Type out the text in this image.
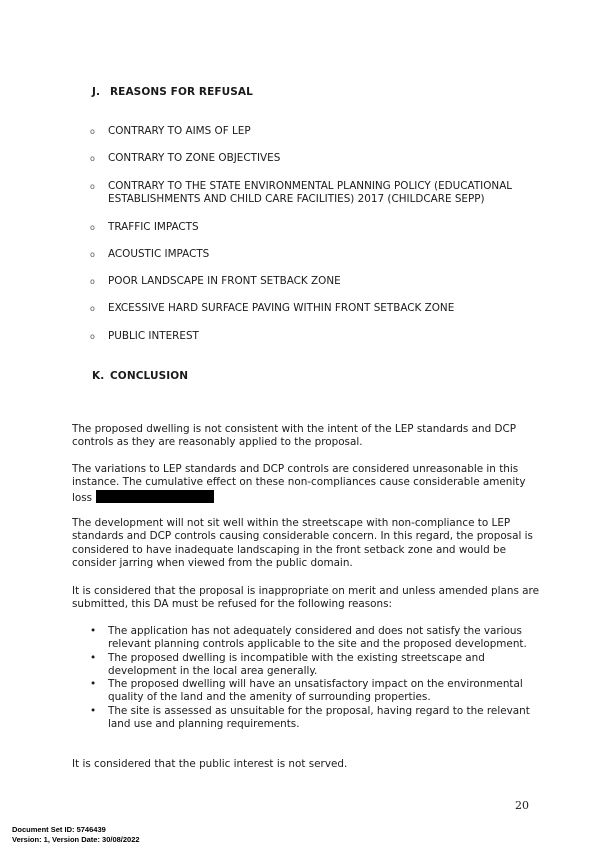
J. REASONS FOR REFUSAL
o CONTRARY TO AIMS OF LEP
o CONTRARY TO ZONE OBJECTIVES
o CONTRARY TO THE STATE ENVIRONMENTAL PLANNING POLICY (EDUCATIONAL ESTABLISHMENTS AND CHILD CARE FACILITIES) 2017 (CHILDCARE SEPP)
o TRAFFIC IMPACTS
o ACOUSTIC IMPACTS
o POOR LANDSCAPE IN FRONT SETBACK ZONE
o EXCESSIVE HARD SURFACE PAVING WITHIN FRONT SETBACK ZONE
o PUBLIC INTEREST
K. CONCLUSION
The proposed dwelling is not consistent with the intent of the LEP standards and DCP controls as they are reasonably applied to the proposal.
The variations to LEP standards and DCP controls are considered unreasonable in this instance. The cumulative effect on these non-compliances cause considerable amenity loss
The development will not sit well within the streetscape with non-compliance to LEP standards and DCP controls causing considerable concern. In this regard, the proposal is considered to have inadequate landscaping in the front setback zone and would be consider jarring when viewed from the public domain.
It is considered that the proposal is inappropriate on merit and unless amended plans are submitted, this DA must be refused for the following reasons:
• The application has not adequately considered and does not satisfy the various relevant planning controls applicable to the site and the proposed development.
• The proposed dwelling is incompatible with the existing streetscape and development in the local area generally.
• The proposed dwelling will have an unsatisfactory impact on the environmental quality of the land and the amenity of surrounding properties.
• The site is assessed as unsuitable for the proposal, having regard to the relevant land use and planning requirements.
It is considered that the public interest is not served.
20
Document Set ID: 5746439
Version: 1, Version Date: 30/08/2022
